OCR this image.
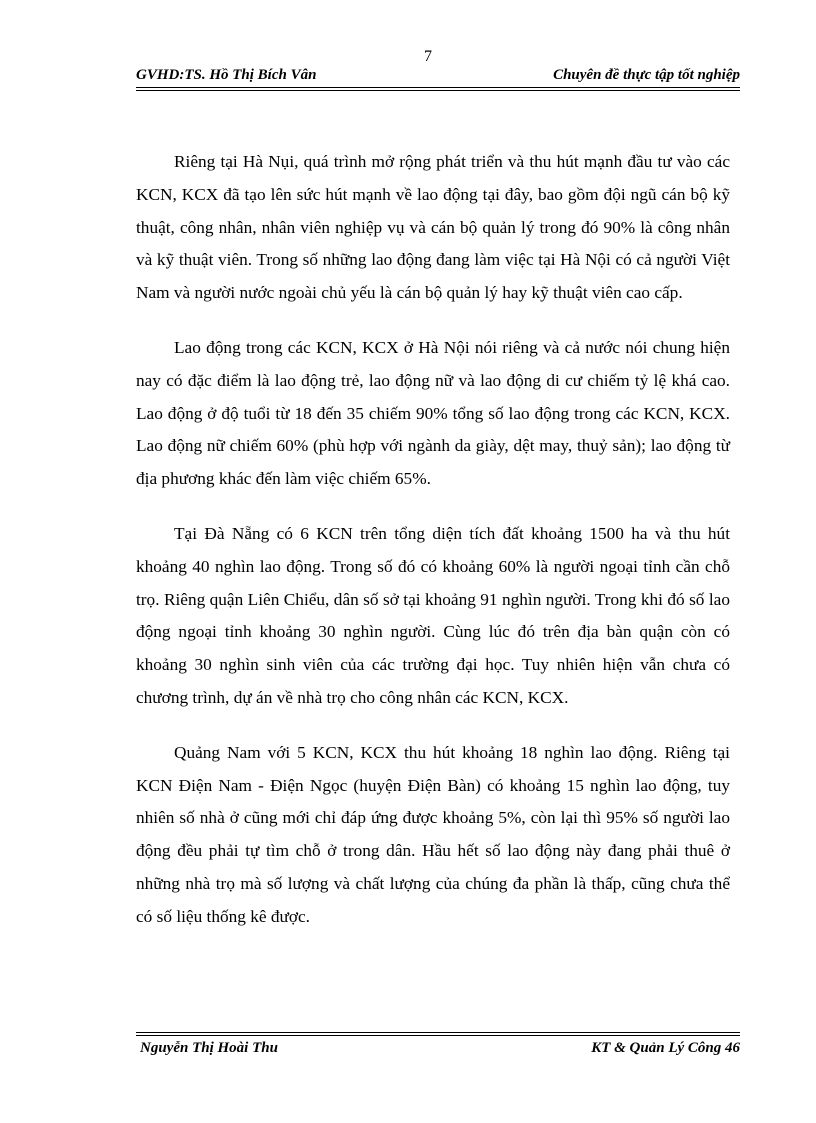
7
GVHD:TS. Hồ Thị Bích Vân	Chuyên đề thực tập tốt nghiệp

Riêng tại Hà Nụi, quá trình mở rộng phát triển và thu hút mạnh đầu tư vào các KCN, KCX đã tạo lên sức hút mạnh về lao động tại đây, bao gồm đội ngũ cán bộ kỹ thuật, công nhân, nhân viên nghiệp vụ và cán bộ quản lý trong đó 90% là công nhân và kỹ thuật viên. Trong số những lao động đang làm việc tại Hà Nội có cả người Việt Nam và người nước ngoài chủ yếu là cán bộ quản lý hay kỹ thuật viên cao cấp.

Lao động trong các KCN, KCX ở Hà Nội nói riêng và cả nước nói chung hiện nay có đặc điểm là lao động trẻ, lao động nữ và lao động di cư chiếm tỷ lệ khá cao. Lao động ở độ tuổi từ 18 đến 35 chiếm 90% tổng số lao động trong các KCN, KCX. Lao động nữ chiếm 60% (phù hợp với ngành da giày, dệt may, thuỷ sản); lao động từ địa phương khác đến làm việc chiếm 65%.

Tại Đà Nẵng có 6 KCN trên tổng diện tích đất khoảng 1500 ha và thu hút khoảng 40 nghìn lao động. Trong số đó có khoảng 60% là người ngoại tỉnh cần chỗ trọ. Riêng quận Liên Chiểu, dân số sở tại khoảng 91 nghìn người. Trong khi đó số lao động ngoại tỉnh khoảng 30 nghìn người. Cùng lúc đó trên địa bàn quận còn có khoảng 30 nghìn sinh viên của các trường đại học. Tuy nhiên hiện vẫn chưa có chương trình, dự án về nhà trọ cho công nhân các KCN, KCX.

Quảng Nam với 5 KCN, KCX thu hút khoảng 18 nghìn lao động. Riêng tại KCN Điện Nam - Điện Ngọc (huyện Điện Bàn) có khoảng 15 nghìn lao động, tuy nhiên số nhà ở cũng mới chỉ đáp ứng được khoảng 5%, còn lại thì 95% số người lao động đều phải tự tìm chỗ ở trong dân. Hầu hết số lao động này đang phải thuê ở những nhà trọ mà số lượng và chất lượng của chúng đa phần là thấp, cũng chưa thể có số liệu thống kê được.

Nguyễn Thị Hoài Thu	KT & Quản Lý Công 46
